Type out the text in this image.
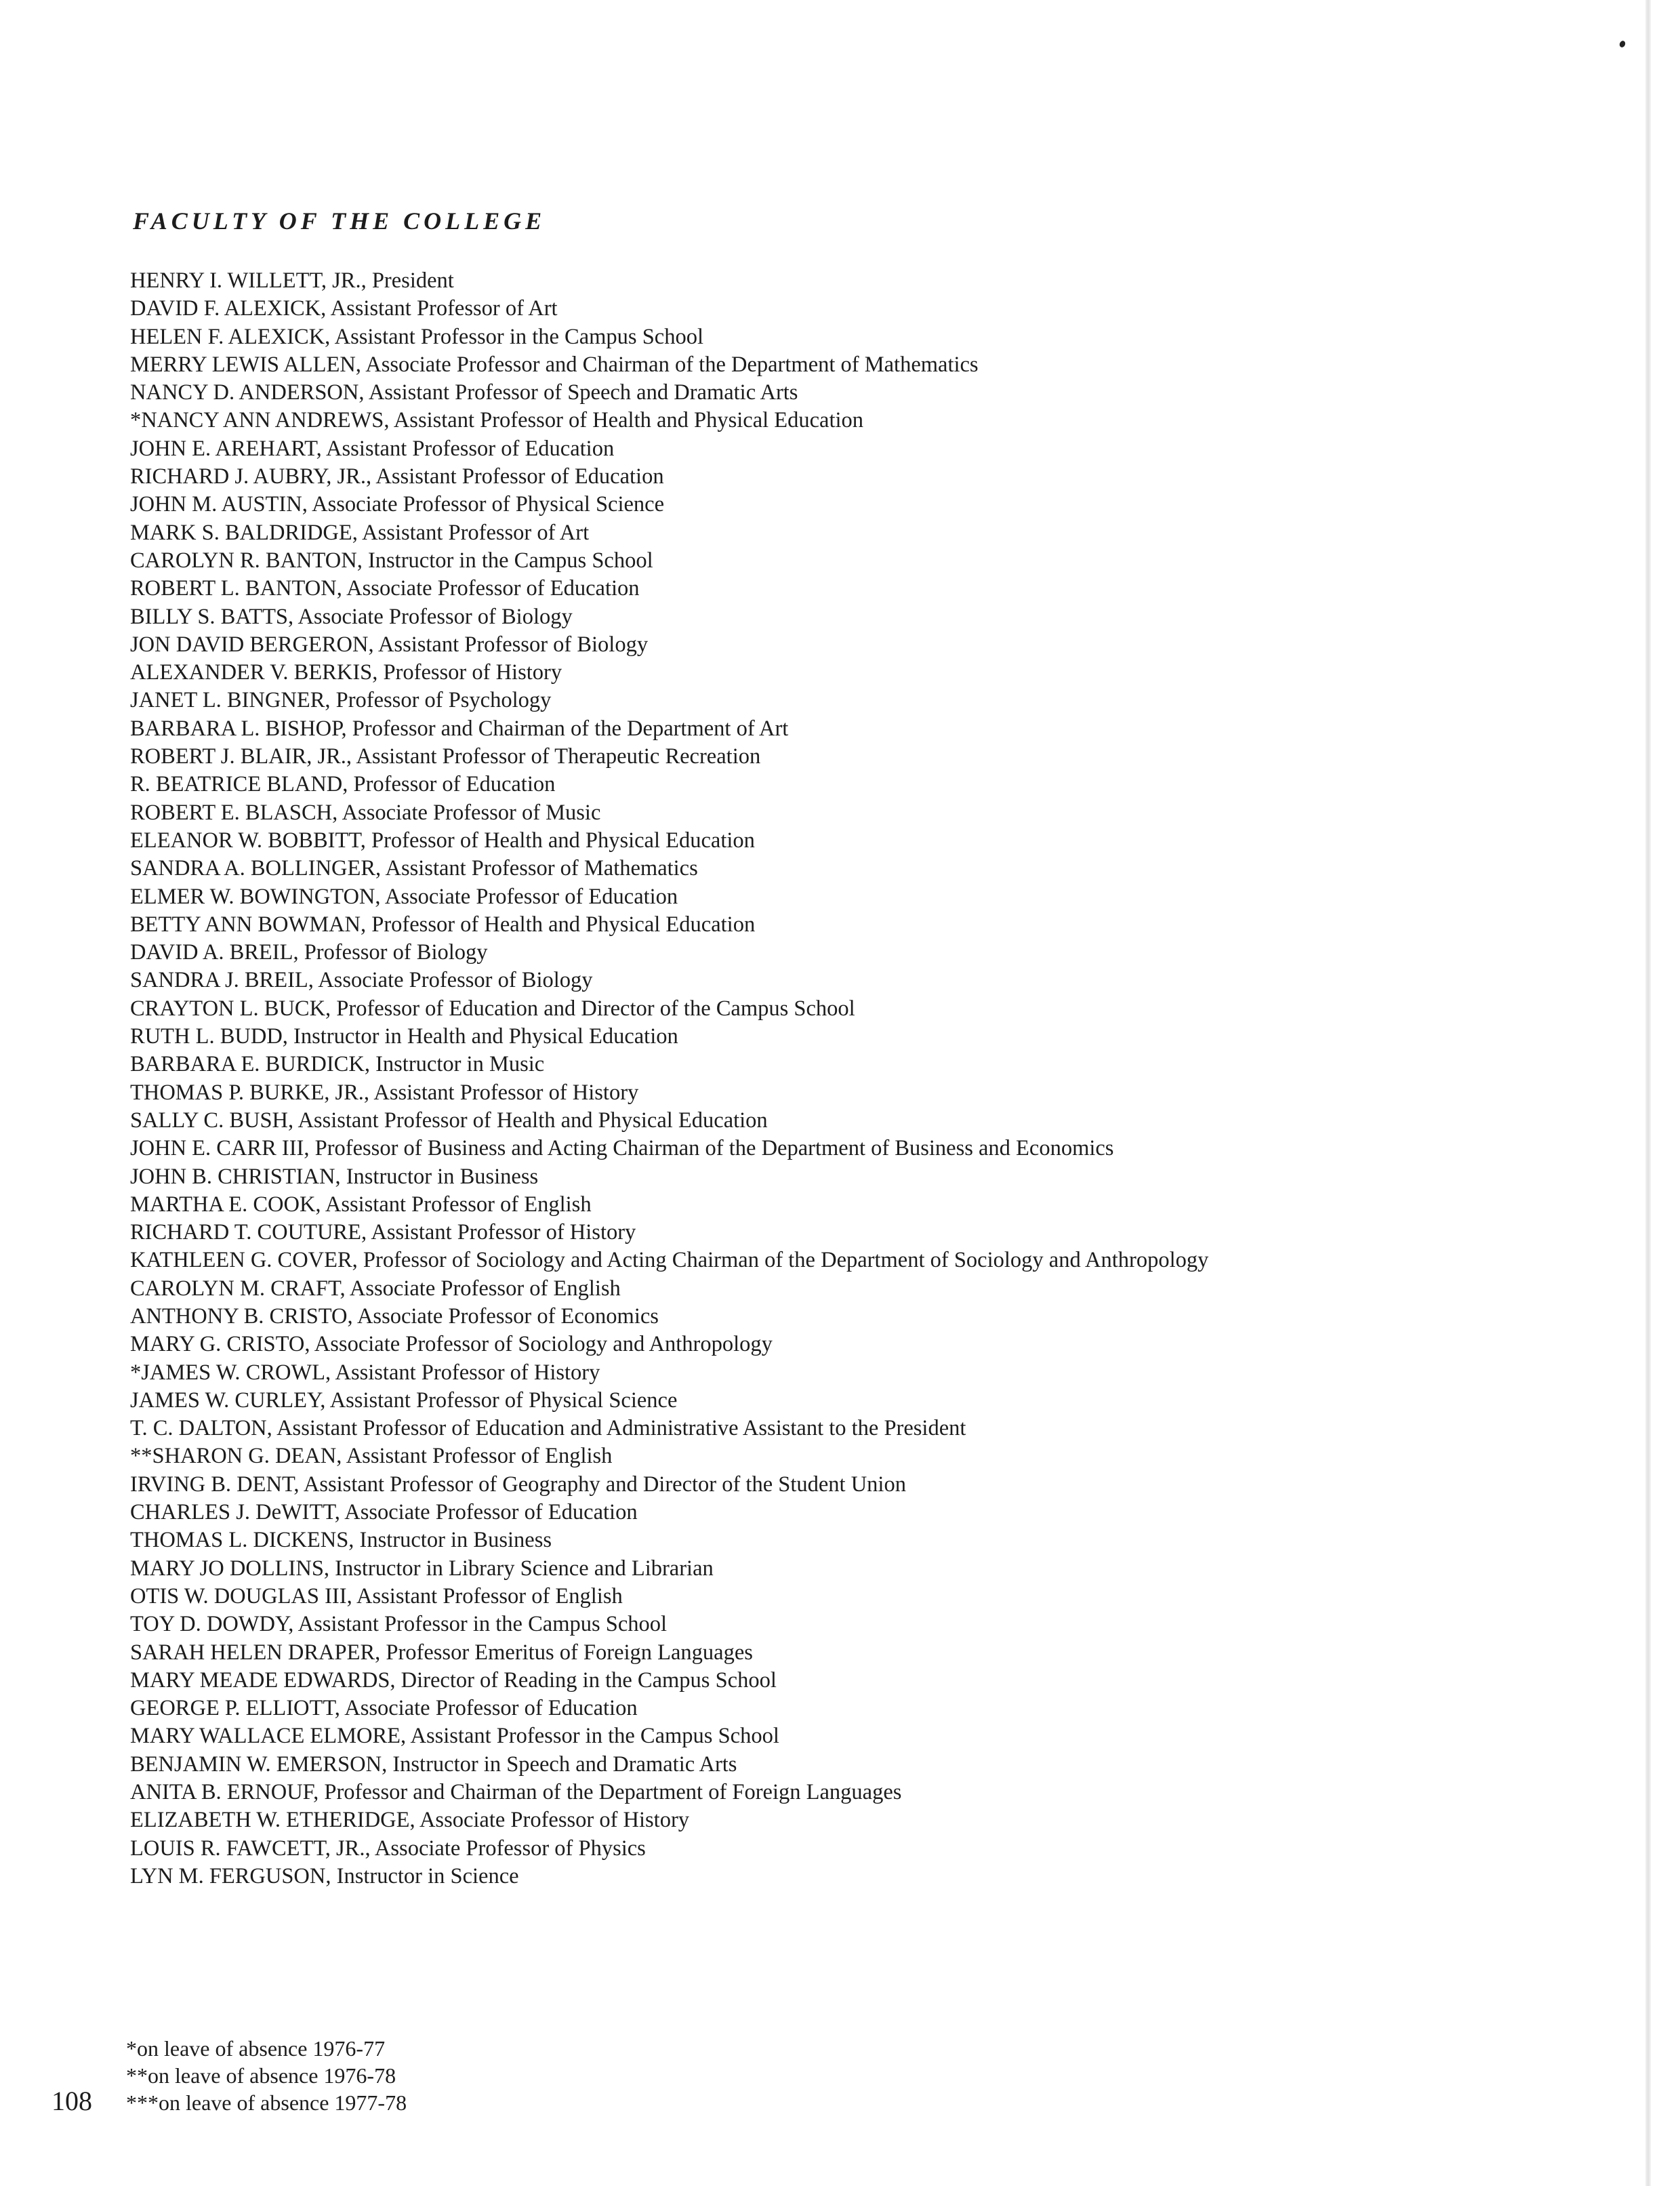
FACULTY OF THE COLLEGE
HENRY I. WILLETT, JR., President
DAVID F. ALEXICK, Assistant Professor of Art
HELEN F. ALEXICK, Assistant Professor in the Campus School
MERRY LEWIS ALLEN, Associate Professor and Chairman of the Department of Mathematics
NANCY D. ANDERSON, Assistant Professor of Speech and Dramatic Arts
*NANCY ANN ANDREWS, Assistant Professor of Health and Physical Education
JOHN E. AREHART, Assistant Professor of Education
RICHARD J. AUBRY, JR., Assistant Professor of Education
JOHN M. AUSTIN, Associate Professor of Physical Science
MARK S. BALDRIDGE, Assistant Professor of Art
CAROLYN R. BANTON, Instructor in the Campus School
ROBERT L. BANTON, Associate Professor of Education
BILLY S. BATTS, Associate Professor of Biology
JON DAVID BERGERON, Assistant Professor of Biology
ALEXANDER V. BERKIS, Professor of History
JANET L. BINGNER, Professor of Psychology
BARBARA L. BISHOP, Professor and Chairman of the Department of Art
ROBERT J. BLAIR, JR., Assistant Professor of Therapeutic Recreation
R. BEATRICE BLAND, Professor of Education
ROBERT E. BLASCH, Associate Professor of Music
ELEANOR W. BOBBITT, Professor of Health and Physical Education
SANDRA A. BOLLINGER, Assistant Professor of Mathematics
ELMER W. BOWINGTON, Associate Professor of Education
BETTY ANN BOWMAN, Professor of Health and Physical Education
DAVID A. BREIL, Professor of Biology
SANDRA J. BREIL, Associate Professor of Biology
CRAYTON L. BUCK, Professor of Education and Director of the Campus School
RUTH L. BUDD, Instructor in Health and Physical Education
BARBARA E. BURDICK, Instructor in Music
THOMAS P. BURKE, JR., Assistant Professor of History
SALLY C. BUSH, Assistant Professor of Health and Physical Education
JOHN E. CARR III, Professor of Business and Acting Chairman of the Department of Business and Economics
JOHN B. CHRISTIAN, Instructor in Business
MARTHA E. COOK, Assistant Professor of English
RICHARD T. COUTURE, Assistant Professor of History
KATHLEEN G. COVER, Professor of Sociology and Acting Chairman of the Department of Sociology and Anthropology
CAROLYN M. CRAFT, Associate Professor of English
ANTHONY B. CRISTO, Associate Professor of Economics
MARY G. CRISTO, Associate Professor of Sociology and Anthropology
*JAMES W. CROWL, Assistant Professor of History
JAMES W. CURLEY, Assistant Professor of Physical Science
T. C. DALTON, Assistant Professor of Education and Administrative Assistant to the President
**SHARON G. DEAN, Assistant Professor of English
IRVING B. DENT, Assistant Professor of Geography and Director of the Student Union
CHARLES J. DeWITT, Associate Professor of Education
THOMAS L. DICKENS, Instructor in Business
MARY JO DOLLINS, Instructor in Library Science and Librarian
OTIS W. DOUGLAS III, Assistant Professor of English
TOY D. DOWDY, Assistant Professor in the Campus School
SARAH HELEN DRAPER, Professor Emeritus of Foreign Languages
MARY MEADE EDWARDS, Director of Reading in the Campus School
GEORGE P. ELLIOTT, Associate Professor of Education
MARY WALLACE ELMORE, Assistant Professor in the Campus School
BENJAMIN W. EMERSON, Instructor in Speech and Dramatic Arts
ANITA B. ERNOUF, Professor and Chairman of the Department of Foreign Languages
ELIZABETH W. ETHERIDGE, Associate Professor of History
LOUIS R. FAWCETT, JR., Associate Professor of Physics
LYN M. FERGUSON, Instructor in Science
*on leave of absence 1976-77
**on leave of absence 1976-78
***on leave of absence 1977-78
108
